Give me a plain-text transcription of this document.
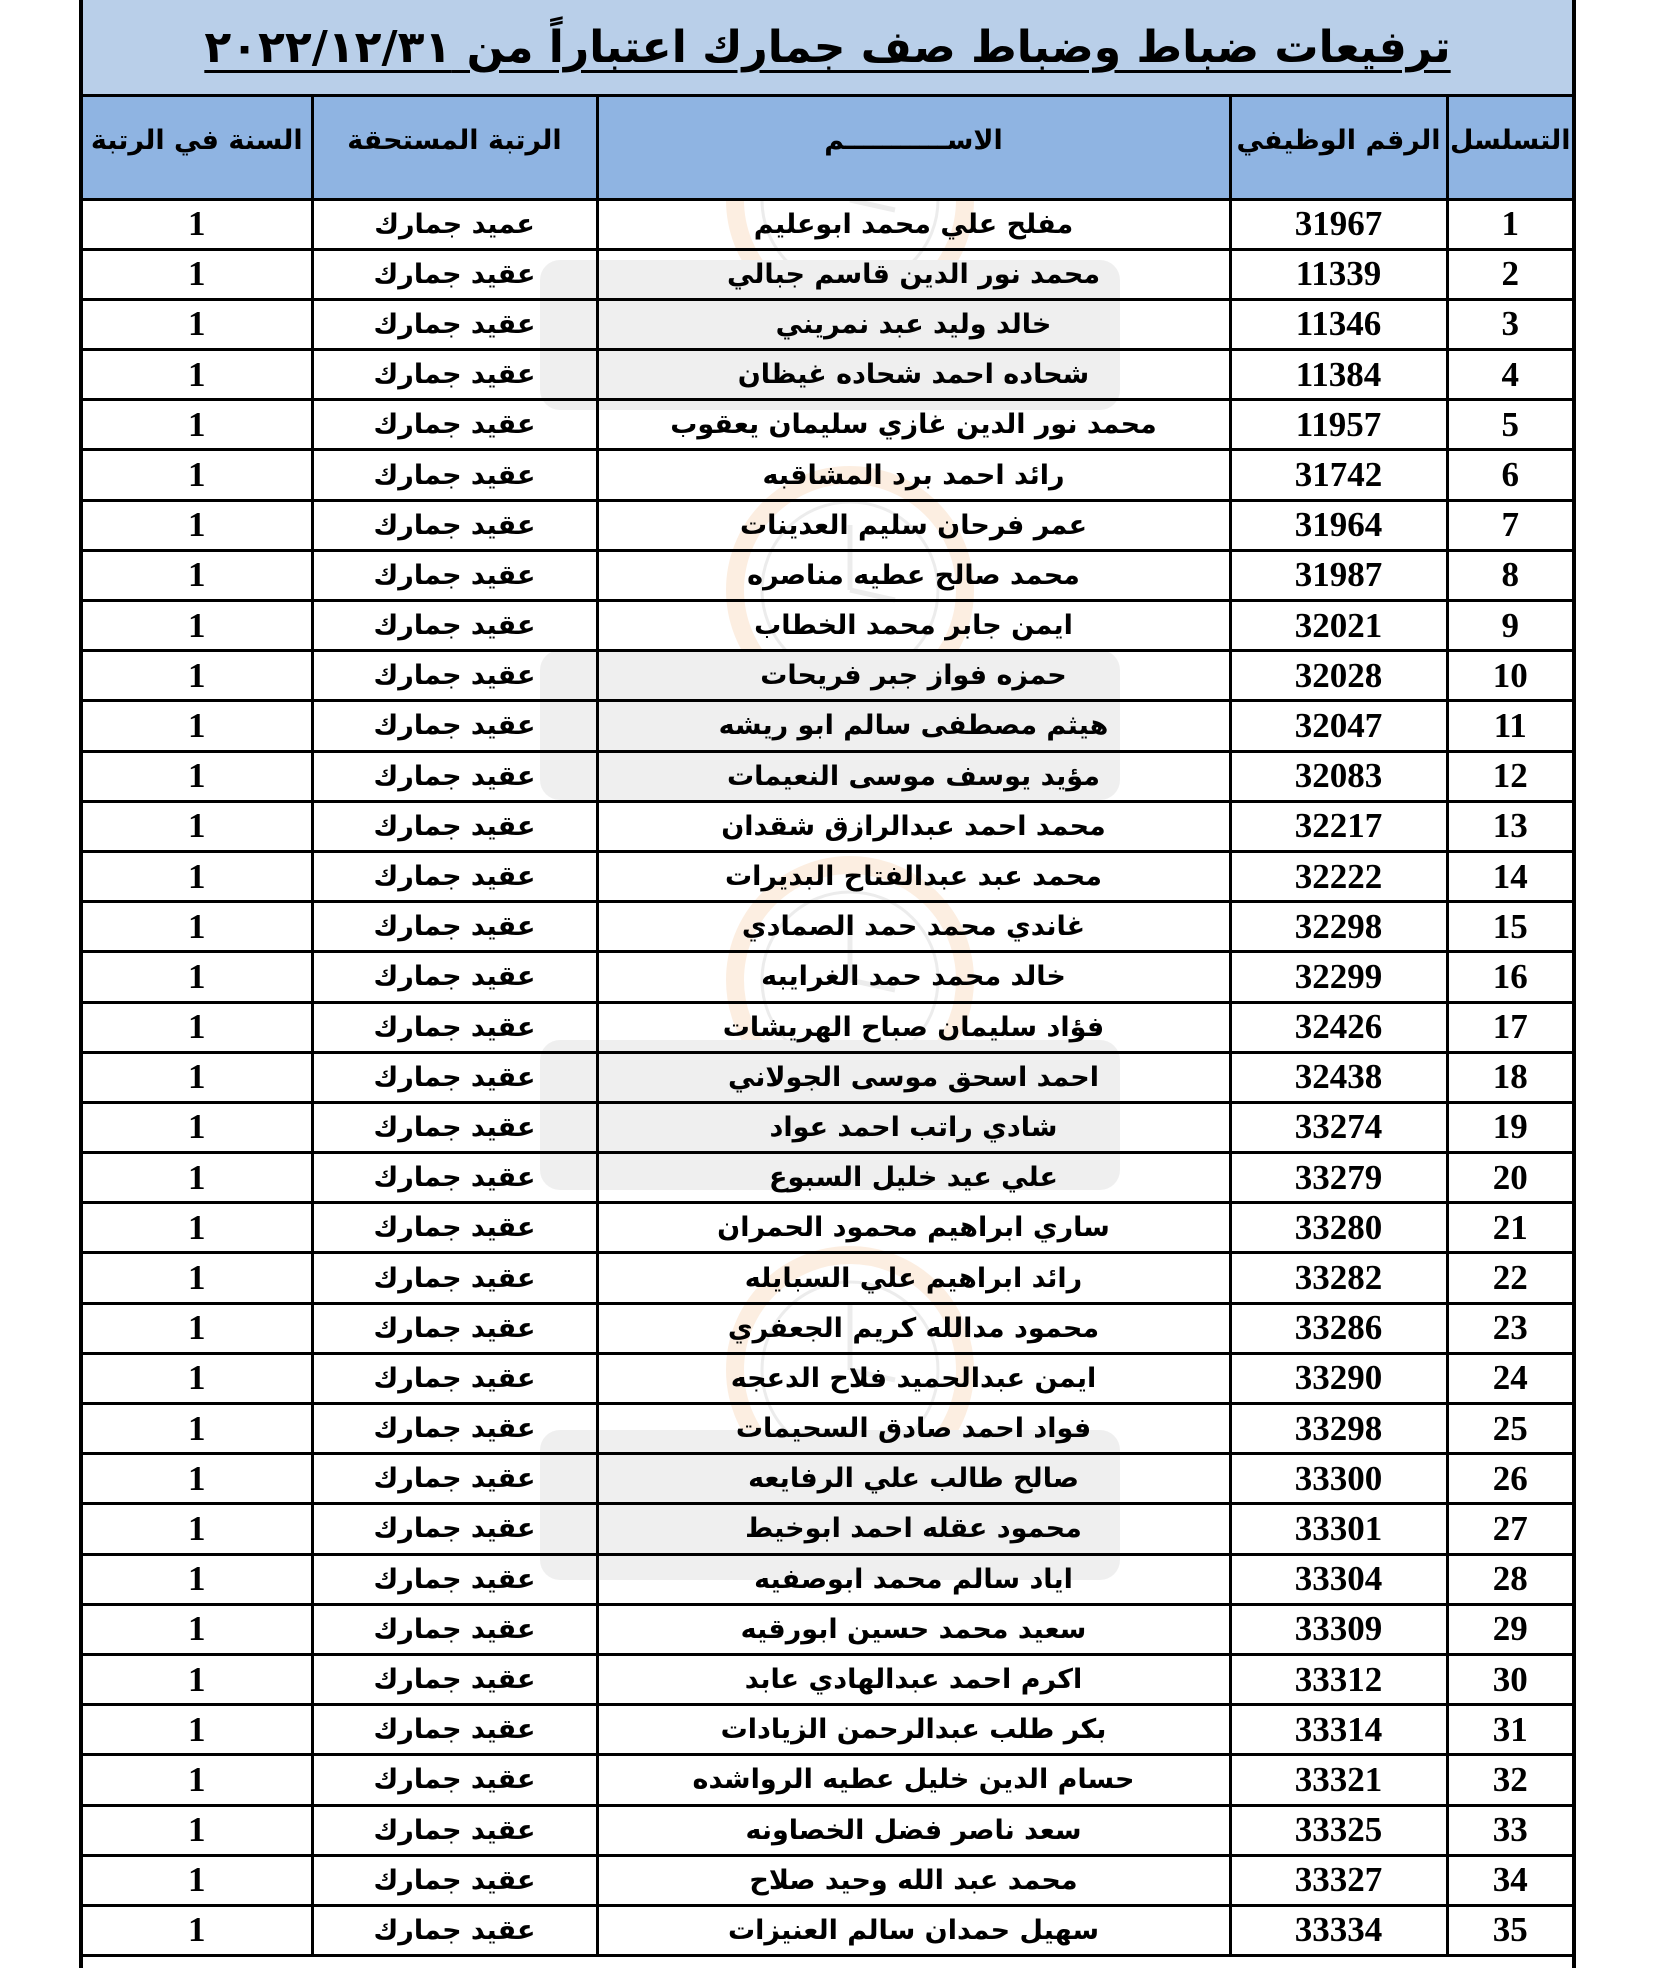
ترفيعات ضباط وضباط صف جمارك اعتباراً من ٢٠٢٢/١٢/٣١
التسلسل	الرقم الوظيفي	الاســـــــــــم	الرتبة المستحقة	السنة في الرتبة
1	31967	مفلح علي محمد ابوعليم	عميد جمارك	1
2	11339	محمد نور الدين قاسم جبالي	عقيد جمارك	1
3	11346	خالد وليد عبد نمريني	عقيد جمارك	1
4	11384	شحاده احمد شحاده غيظان	عقيد جمارك	1
5	11957	محمد نور الدين غازي سليمان يعقوب	عقيد جمارك	1
6	31742	رائد احمد برد المشاقبه	عقيد جمارك	1
7	31964	عمر فرحان سليم العدينات	عقيد جمارك	1
8	31987	محمد صالح عطيه مناصره	عقيد جمارك	1
9	32021	ايمن جابر محمد الخطاب	عقيد جمارك	1
10	32028	حمزه فواز جبر فريحات	عقيد جمارك	1
11	32047	هيثم مصطفى سالم ابو ريشه	عقيد جمارك	1
12	32083	مؤيد يوسف موسى النعيمات	عقيد جمارك	1
13	32217	محمد احمد عبدالرازق شقدان	عقيد جمارك	1
14	32222	محمد عبد عبدالفتاح البديرات	عقيد جمارك	1
15	32298	غاندي محمد حمد الصمادي	عقيد جمارك	1
16	32299	خالد محمد حمد الغرايبه	عقيد جمارك	1
17	32426	فؤاد سليمان صباح الهريشات	عقيد جمارك	1
18	32438	احمد اسحق موسى الجولاني	عقيد جمارك	1
19	33274	شادي راتب احمد عواد	عقيد جمارك	1
20	33279	علي عيد خليل السبوع	عقيد جمارك	1
21	33280	ساري ابراهيم محمود الحمران	عقيد جمارك	1
22	33282	رائد ابراهيم علي السبايله	عقيد جمارك	1
23	33286	محمود مدالله كريم الجعفري	عقيد جمارك	1
24	33290	ايمن عبدالحميد فلاح الدعجه	عقيد جمارك	1
25	33298	فواد احمد صادق السحيمات	عقيد جمارك	1
26	33300	صالح طالب علي الرفايعه	عقيد جمارك	1
27	33301	محمود عقله احمد ابوخيط	عقيد جمارك	1
28	33304	اياد سالم محمد ابوصفيه	عقيد جمارك	1
29	33309	سعيد محمد حسين ابورقيه	عقيد جمارك	1
30	33312	اكرم احمد عبدالهادي عابد	عقيد جمارك	1
31	33314	بكر طلب عبدالرحمن الزيادات	عقيد جمارك	1
32	33321	حسام الدين خليل عطيه الرواشده	عقيد جمارك	1
33	33325	سعد ناصر فضل الخصاونه	عقيد جمارك	1
34	33327	محمد عبد الله وحيد صلاح	عقيد جمارك	1
35	33334	سهيل حمدان سالم العنيزات	عقيد جمارك	1
